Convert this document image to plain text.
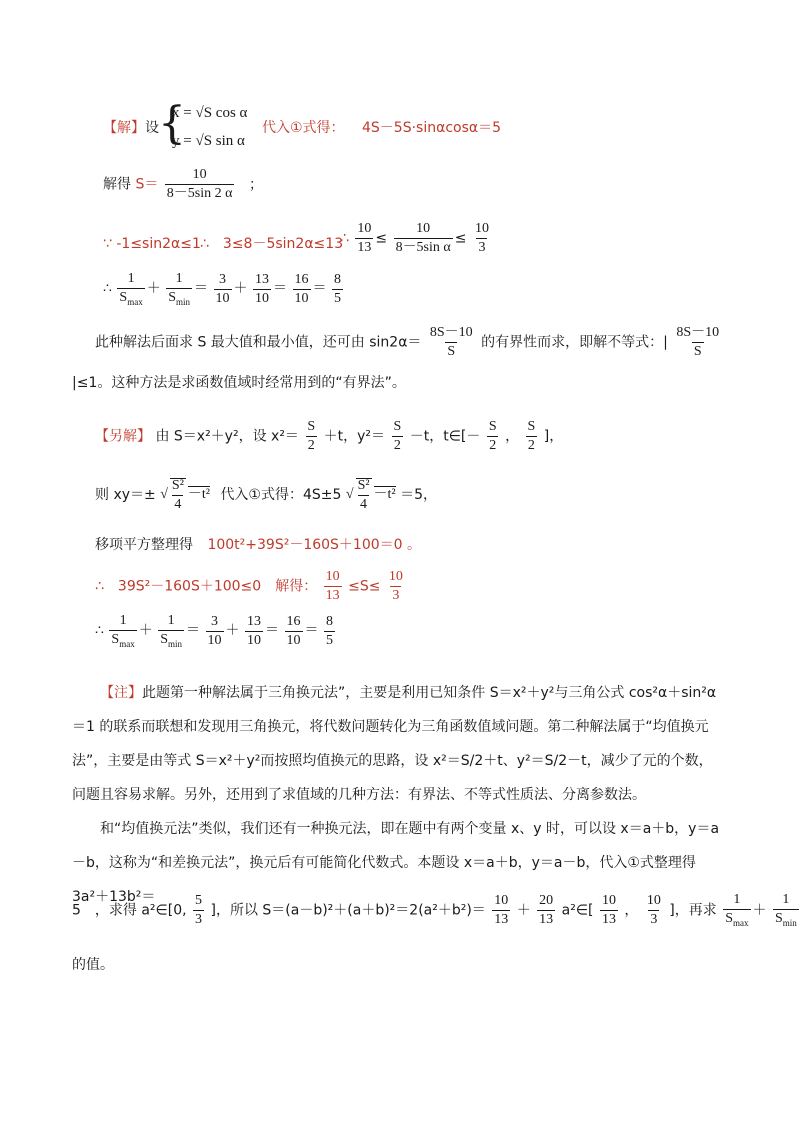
【解】设 {
x = √S cos α
y = √S sin α
代入①式得： 4S－5S·sinαcosα＝5
解得 $S= \frac{10}{8-5\sin 2 \alpha}$ ；
∵ -1≤sin2α≤1 ∴　3≤8－5sin2α≤13
∴ $\frac{10}{13} \le \frac{10}{\text{8－5sin α}} \le \frac{10}{3}$
∴ $\frac{1}{S_{max}} + \frac{1}{S_{min}} = \frac{3}{10} + \frac{13}{10} = \frac{16}{10} = \frac{8}{5}$
此种解法后面求 S 最大值和最小值，还可由 $\sin 2\alpha= \frac{8S-10}{S}$ 的有界性而求，即解不等式：| $\frac{8S-10}{S}$
|≤1。这种方法是求函数值域时经常用到的“有界法”。
【另解】 由 S＝x²＋y²，设 $x^2= \frac{S}{2} +t$，$y^2= \frac{S}{2} -t$，t∈[－ $\frac{S}{2}$ ， $\frac{S}{2}$ ]，
则 xy＝± √ $\frac{\text{S²}}{4} -t^2$ 代入①式得：4S±5 √ $\frac{\text{S²}}{4} -t^2 =5$，
移项平方整理得 100t²+39S²－160S＋100＝0 。
∴　39S²－160S＋100≤0　解得： $\frac{10}{13} \le S\le \frac{10}{3}$
∴ $\frac{1}{S_{max}} + \frac{1}{S_{min}} = \frac{3}{10} + \frac{13}{10} = \frac{16}{10} = \frac{8}{5}$
【注】此题第一种解法属于三角换元法”，主要是利用已知条件 S＝x²＋y²与三角公式 cos²α＋sin²α＝1 的联系而联想和发现用三角换元，将代数问题转化为三角函数值域问题。第二种解法属于“均值换元法”，主要是由等式 S＝x²＋y²而按照均值换元的思路，设 x²＝S/2＋t、y²＝S/2－t，减少了元的个数，问题且容易求解。另外，还用到了求值域的几种方法：有界法、不等式性质法、分离参数法。
和“均值换元法”类似，我们还有一种换元法，即在题中有两个变量 x、y 时，可以设 x＝a＋b，y＝a－b，这称为“和差换元法”，换元后有可能简化代数式。本题设 x＝a＋b，y＝a－b，代入①式整理得 3a²＋13b²＝
5　，求得 a²∈[0, $\frac{5}{3}$ ]，所以 $S=(a-b)^2+(a+b)^2=2(a^2+b^2)= \frac{10}{13} + \frac{20}{13}$ a²∈[ $\frac{10}{13}$ ， $\frac{10}{3}$ ]，再求 $\frac{1}{S_{max}} + \frac{1}{S_{min}}$
的值。
